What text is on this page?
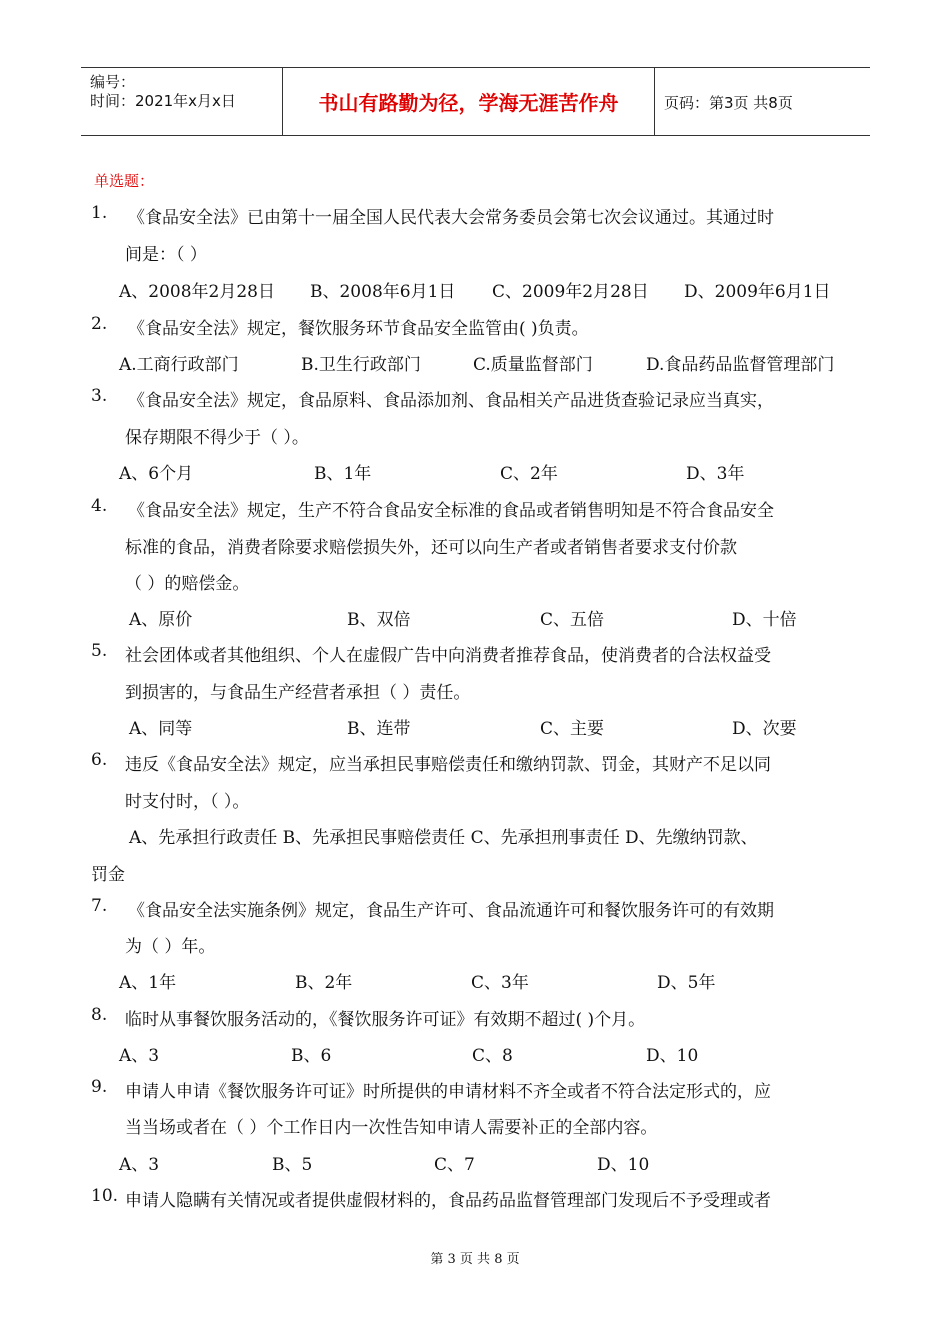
编号：
时间：2021年x月x日	书山有路勤为径，学海无涯苦作舟	页码：第3页 共8页
单选题：
1. 《食品安全法》已由第十一届全国人民代表大会常务委员会第七次会议通过。其通过时
间是：（ ）
A、2008年2月28日 B、2008年6月1日 C、2009年2月28日 D、2009年6月1日
2. 《食品安全法》规定，餐饮服务环节食品安全监管由( )负责。
A.工商行政部门	B.卫生行政部门	C.质量监督部门	D.食品药品监督管理部门
3. 《食品安全法》规定，食品原料、食品添加剂、食品相关产品进货查验记录应当真实，
保存期限不得少于（ ）。
A、6个月	B、1年	C、2年	D、3年
4. 《食品安全法》规定，生产不符合食品安全标准的食品或者销售明知是不符合食品安全
标准的食品，消费者除要求赔偿损失外，还可以向生产者或者销售者要求支付价款
（ ）的赔偿金。
A、原价	B、双倍	C、五倍	D、十倍
5. 社会团体或者其他组织、个人在虚假广告中向消费者推荐食品，使消费者的合法权益受
到损害的，与食品生产经营者承担（ ）责任。
A、同等	B、连带	C、主要	D、次要
6. 违反《食品安全法》规定，应当承担民事赔偿责任和缴纳罚款、罚金，其财产不足以同
时支付时，（ ）。
A、先承担行政责任 B、先承担民事赔偿责任 C、先承担刑事责任 D、先缴纳罚款、
罚金
7. 《食品安全法实施条例》规定，食品生产许可、食品流通许可和餐饮服务许可的有效期
为（ ）年。
A、1年	B、2年	C、3年	D、5年
8. 临时从事餐饮服务活动的，《餐饮服务许可证》有效期不超过( )个月。
A、3	B、6	C、8	D、10
9. 申请人申请《餐饮服务许可证》时所提供的申请材料不齐全或者不符合法定形式的，应
当当场或者在（ ）个工作日内一次性告知申请人需要补正的全部内容。
A、3	B、5	C、7	D、10
10. 申请人隐瞒有关情况或者提供虚假材料的，食品药品监督管理部门发现后不予受理或者
第 3 页 共 8 页
